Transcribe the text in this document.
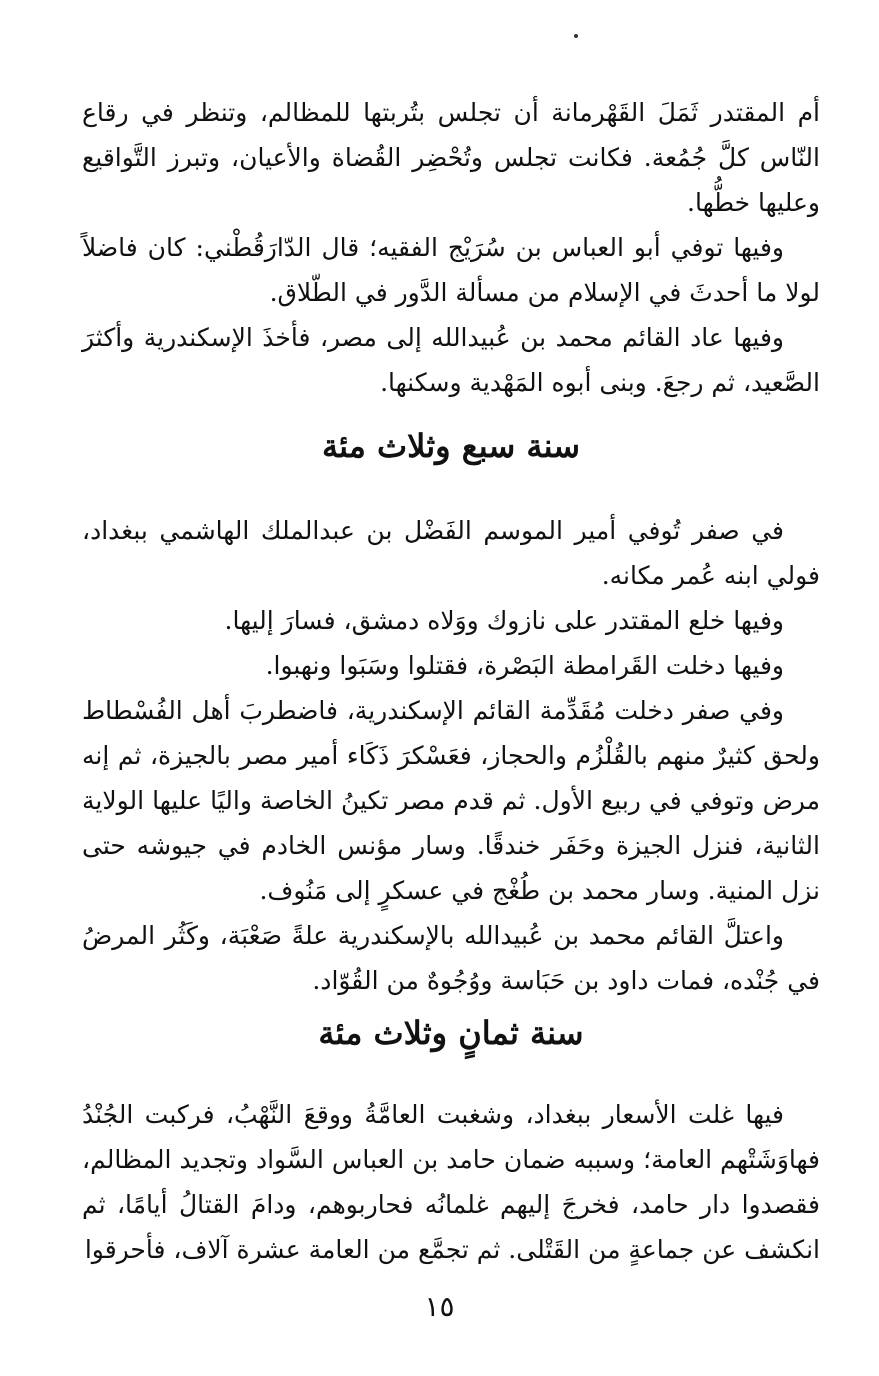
أم المقتدر ثَمَلَ القَهْرمانة أن تجلس بتُربتها للمظالم، وتنظر في رقاع النّاس كلَّ جُمُعة. فكانت تجلس وتُحْضِر القُضاة والأعيان، وتبرز التَّواقيع وعليها خطُّها.

وفيها توفي أبو العباس بن سُرَيْج الفقيه؛ قال الدّارَقُطْني: كان فاضلاً لولا ما أحدثَ في الإسلام من مسألة الدَّور في الطّلاق.

وفيها عاد القائم محمد بن عُبيدالله إلى مصر، فأخذَ الإسكندرية وأكثرَ الصَّعيد، ثم رجعَ. وبنى أبوه المَهْدية وسكنها.

سنة سبع وثلاث مئة

في صفر تُوفي أمير الموسم الفَضْل بن عبدالملك الهاشمي ببغداد، فولي ابنه عُمر مكانه.

وفيها خلع المقتدر على نازوك ووَلاه دمشق، فسارَ إليها.

وفيها دخلت القَرامطة البَصْرة، فقتلوا وسَبَوا ونهبوا.

وفي صفر دخلت مُقَدِّمة القائم الإسكندرية، فاضطربَ أهل الفُسْطاط ولحق كثيرٌ منهم بالقُلْزُم والحجاز، فعَسْكرَ ذَكَاء أمير مصر بالجيزة، ثم إنه مرض وتوفي في ربيع الأول. ثم قدم مصر تكينُ الخاصة واليًا عليها الولاية الثانية، فنزل الجيزة وحَفَر خندقًا. وسار مؤنس الخادم في جيوشه حتى نزل المنية. وسار محمد بن طُغْج في عسكرٍ إلى مَنُوف.

واعتلَّ القائم محمد بن عُبيدالله بالإسكندرية علةً صَعْبَة، وكَثُر المرضُ في جُنْده، فمات داود بن حَبَاسة ووُجُوهٌ من القُوّاد.

سنة ثمانٍ وثلاث مئة

فيها غلت الأسعار ببغداد، وشغبت العامَّةُ ووقعَ النَّهْبُ، فركبت الجُنْدُ فهاوَشَتْهم العامة؛ وسببه ضمان حامد بن العباس السَّواد وتجديد المظالم، فقصدوا دار حامد، فخرجَ إليهم غلمانُه فحاربوهم، ودامَ القتالُ أيامًا، ثم انكشف عن جماعةٍ من القَتْلى. ثم تجمَّع من العامة عشرة آلاف، فأحرقوا

١٥
